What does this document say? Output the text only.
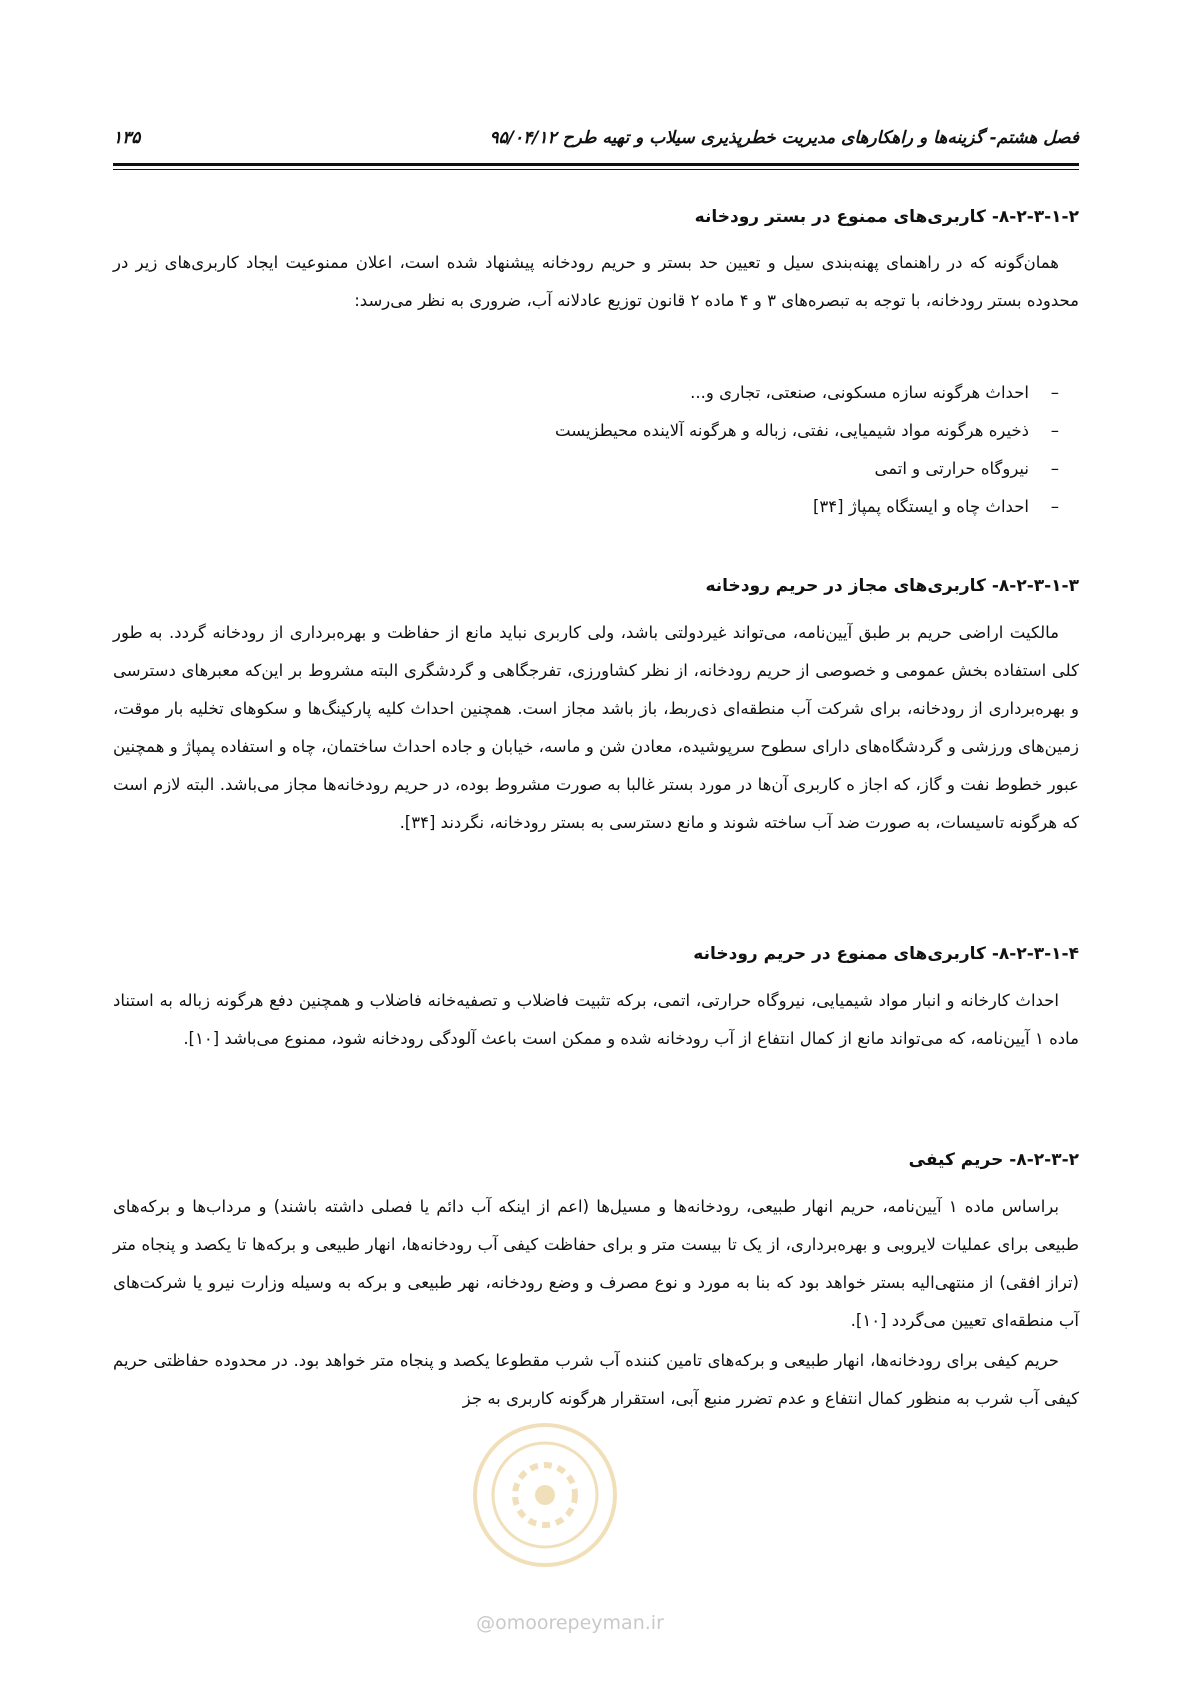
فصل هشتم- گزینه‌ها و راهکارهای مدیریت خطرپذیری سیلاب و تهیه طرح ۹۵/۰۴/۱۲
۱۳۵
۸-۲-۳-۱-۲- کاربری‌های ممنوع در بستر رودخانه
همان‌گونه که در راهنمای پهنه‌بندی سیل و تعیین حد بستر و حریم رودخانه پیشنهاد شده است، اعلان ممنوعیت ایجاد کاربری‌های زیر در محدوده بستر رودخانه، با توجه به تبصره‌های ۳ و ۴ ماده ۲ قانون توزیع عادلانه آب، ضروری به نظر می‌رسد:
–احداث هرگونه سازه مسکونی، صنعتی، تجاری و...
–ذخیره هرگونه مواد شیمیایی، نفتی، زباله و هرگونه آلاینده محیطزیست
–نیروگاه حرارتی و اتمی
–احداث چاه و ایستگاه پمپاژ [۳۴]
۸-۲-۳-۱-۳- کاربری‌های مجاز در حریم رودخانه
مالکیت اراضی حریم بر طبق آیین‌نامه، می‌تواند غیردولتی باشد، ولی کاربری نباید مانع از حفاظت و بهره‌برداری از رودخانه گردد. به طور کلی استفاده بخش عمومی و خصوصی از حریم رودخانه، از نظر کشاورزی، تفرجگاهی و گردشگری البته مشروط بر این‌که معبرهای دسترسی و بهره‌برداری از رودخانه، برای شرکت آب منطقه‌ای ذی‌ربط، باز باشد مجاز است. همچنین احداث کلیه پارکینگ‌ها و سکوهای تخلیه بار موقت، زمین‌های ورزشی و گردشگاه‌های دارای سطوح سرپوشیده، معادن شن و ماسه، خیابان و جاده احداث ساختمان، چاه و استفاده پمپاژ و همچنین عبور خطوط نفت و گاز، که اجاز ه کاربری آن‌ها در مورد بستر غالبا به صورت مشروط بوده، در حریم رودخانه‌ها مجاز می‌باشد. البته لازم است که هرگونه تاسیسات، به صورت ضد آب ساخته شوند و مانع دسترسی به بستر رودخانه، نگردند [۳۴].
۸-۲-۳-۱-۴- کاربری‌های ممنوع در حریم رودخانه
احداث کارخانه و انبار مواد شیمیایی، نیروگاه حرارتی، اتمی، برکه تثبیت فاضلاب و تصفیه‌خانه فاضلاب و همچنین دفع هرگونه زباله به استناد ماده ۱ آیین‌نامه، که می‌تواند مانع از کمال انتفاع از آب رودخانه شده و ممکن است باعث آلودگی رودخانه شود، ممنوع می‌باشد [۱۰].
۸-۲-۳-۲- حریم کیفی
براساس ماده ۱ آیین‌نامه، حریم انهار طبیعی، رودخانه‌ها و مسیل‌ها (اعم از اینکه آب دائم یا فصلی داشته باشند) و مرداب‌ها و برکه‌های طبیعی برای عملیات لایروبی و بهره‌برداری، از یک تا بیست متر و برای حفاظت کیفی آب رودخانه‌ها، انهار طبیعی و برکه‌ها تا یکصد و پنجاه متر (تراز افقی) از منتهی‌الیه بستر خواهد بود که بنا به مورد و نوع مصرف و وضع رودخانه، نهر طبیعی و برکه به وسیله وزارت نیرو یا شرکت‌های آب منطقه‌ای تعیین می‌گردد [۱۰].
حریم کیفی برای رودخانه‌ها، انهار طبیعی و برکه‌های تامین کننده آب شرب مقطوعا یکصد و پنجاه متر خواهد بود. در محدوده حفاظتی حریم کیفی آب شرب به منظور کمال انتفاع و عدم تضرر منبع آبی، استقرار هرگونه کاربری به جز
@omoorepeyman.ir
